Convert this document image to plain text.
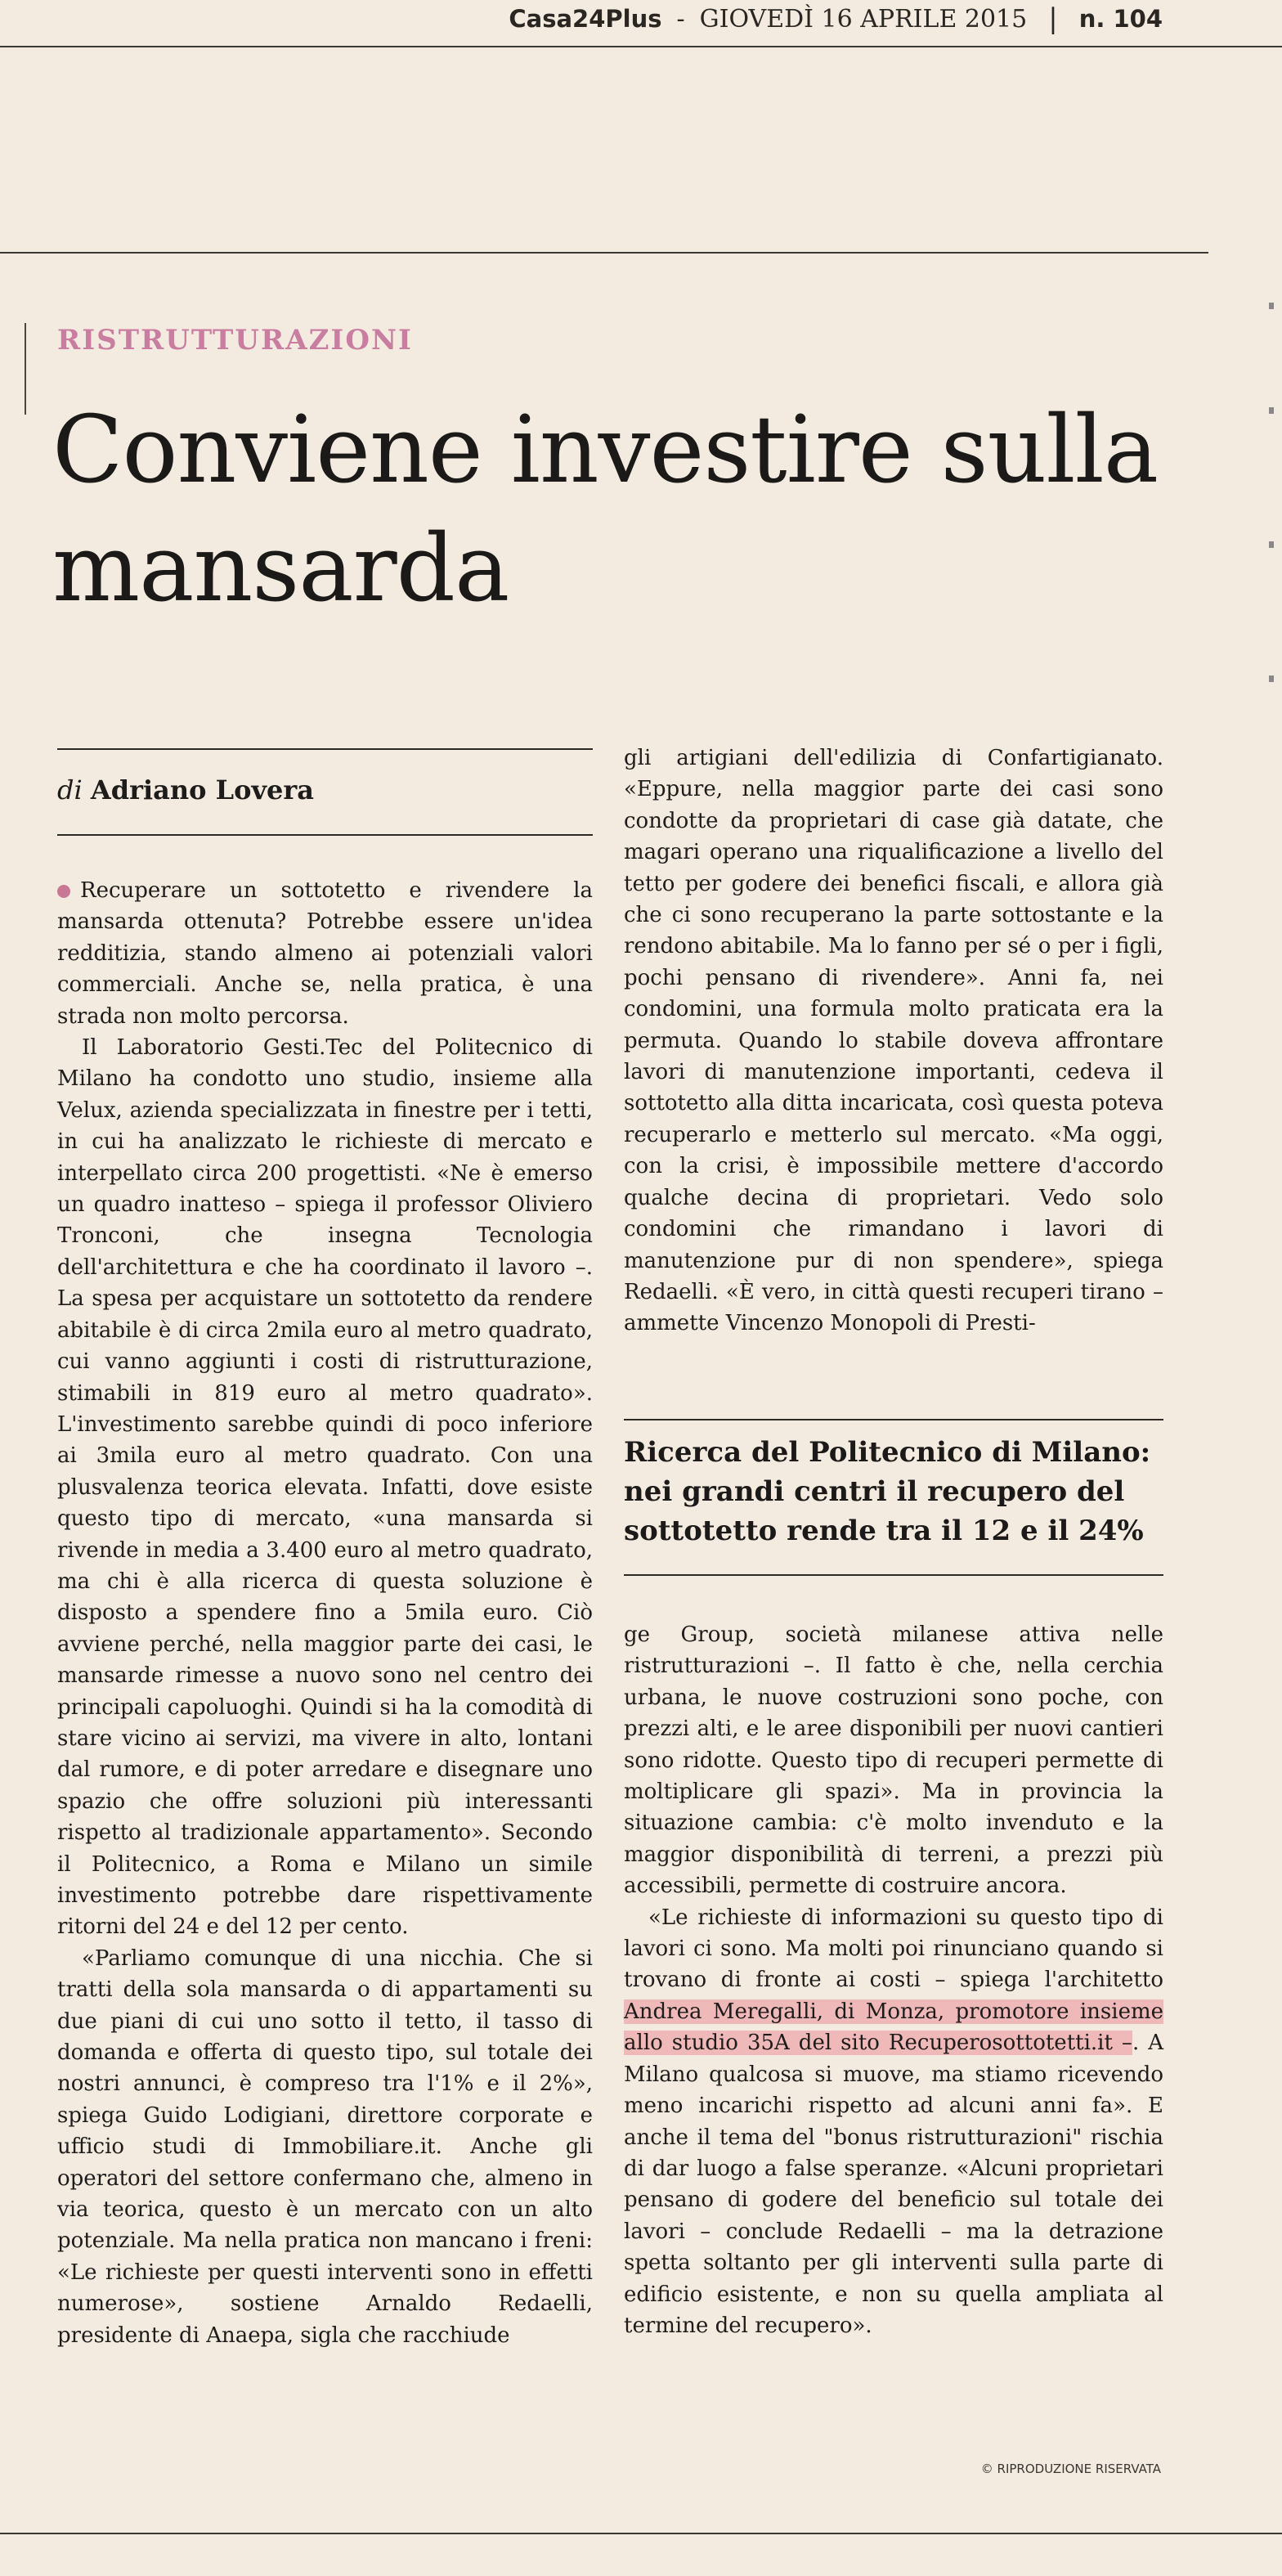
Casa24Plus - GIOVEDÌ 16 APRILE 2015 | n. 104
RISTRUTTURAZIONI
Conviene investire sulla mansarda
di Adriano Lovera

Recuperare un sottotetto e rivendere la mansarda ottenuta? Potrebbe essere un'idea redditizia, stando almeno ai potenziali valori commerciali. Anche se, nella pratica, è una strada non molto percorsa.

Il Laboratorio Gesti.Tec del Politecnico di Milano ha condotto uno studio, insieme alla Velux, azienda specializzata in finestre per i tetti, in cui ha analizzato le richieste di mercato e interpellato circa 200 progettisti. «Ne è emerso un quadro inatteso – spiega il professor Oliviero Tronconi, che insegna Tecnologia dell'architettura e che ha coordinato il lavoro –. La spesa per acquistare un sottotetto da rendere abitabile è di circa 2mila euro al metro quadrato, cui vanno aggiunti i costi di ristrutturazione, stimabili in 819 euro al metro quadrato». L'investimento sarebbe quindi di poco inferiore ai 3mila euro al metro quadrato. Con una plusvalenza teorica elevata. Infatti, dove esiste questo tipo di mercato, «una mansarda si rivende in media a 3.400 euro al metro quadrato, ma chi è alla ricerca di questa soluzione è disposto a spendere fino a 5mila euro. Ciò avviene perché, nella maggior parte dei casi, le mansarde rimesse a nuovo sono nel centro dei principali capoluoghi. Quindi si ha la comodità di stare vicino ai servizi, ma vivere in alto, lontani dal rumore, e di poter arredare e disegnare uno spazio che offre soluzioni più interessanti rispetto al tradizionale appartamento». Secondo il Politecnico, a Roma e Milano un simile investimento potrebbe dare rispettivamente ritorni del 24 e del 12 per cento.

«Parliamo comunque di una nicchia. Che si tratti della sola mansarda o di appartamenti su due piani di cui uno sotto il tetto, il tasso di domanda e offerta di questo tipo, sul totale dei nostri annunci, è compreso tra l'1% e il 2%», spiega Guido Lodigiani, direttore corporate e ufficio studi di Immobiliare.it. Anche gli operatori del settore confermano che, almeno in via teorica, questo è un mercato con un alto potenziale. Ma nella pratica non mancano i freni: «Le richieste per questi interventi sono in effetti numerose», sostiene Arnaldo Redaelli, presidente di Anaepa, sigla che racchiude

gli artigiani dell'edilizia di Confartigianato. «Eppure, nella maggior parte dei casi sono condotte da proprietari di case già datate, che magari operano una riqualificazione a livello del tetto per godere dei benefici fiscali, e allora già che ci sono recuperano la parte sottostante e la rendono abitabile. Ma lo fanno per sé o per i figli, pochi pensano di rivendere». Anni fa, nei condomini, una formula molto praticata era la permuta. Quando lo stabile doveva affrontare lavori di manutenzione importanti, cedeva il sottotetto alla ditta incaricata, così questa poteva recuperarlo e metterlo sul mercato. «Ma oggi, con la crisi, è impossibile mettere d'accordo qualche decina di proprietari. Vedo solo condomini che rimandano i lavori di manutenzione pur di non spendere», spiega Redaelli. «È vero, in città questi recuperi tirano – ammette Vincenzo Monopoli di Presti-

Ricerca del Politecnico di Milano: nei grandi centri il recupero del sottotetto rende tra il 12 e il 24%

ge Group, società milanese attiva nelle ristrutturazioni –. Il fatto è che, nella cerchia urbana, le nuove costruzioni sono poche, con prezzi alti, e le aree disponibili per nuovi cantieri sono ridotte. Questo tipo di recuperi permette di moltiplicare gli spazi». Ma in provincia la situazione cambia: c'è molto invenduto e la maggior disponibilità di terreni, a prezzi più accessibili, permette di costruire ancora.

«Le richieste di informazioni su questo tipo di lavori ci sono. Ma molti poi rinunciano quando si trovano di fronte ai costi – spiega l'architetto Andrea Meregalli, di Monza, promotore insieme allo studio 35A del sito Recuperosottotetti.it –. A Milano qualcosa si muove, ma stiamo ricevendo meno incarichi rispetto ad alcuni anni fa». E anche il tema del "bonus ristrutturazioni" rischia di dar luogo a false speranze. «Alcuni proprietari pensano di godere del beneficio sul totale dei lavori – conclude Redaelli – ma la detrazione spetta soltanto per gli interventi sulla parte di edificio esistente, e non su quella ampliata al termine del recupero».

© RIPRODUZIONE RISERVATA
